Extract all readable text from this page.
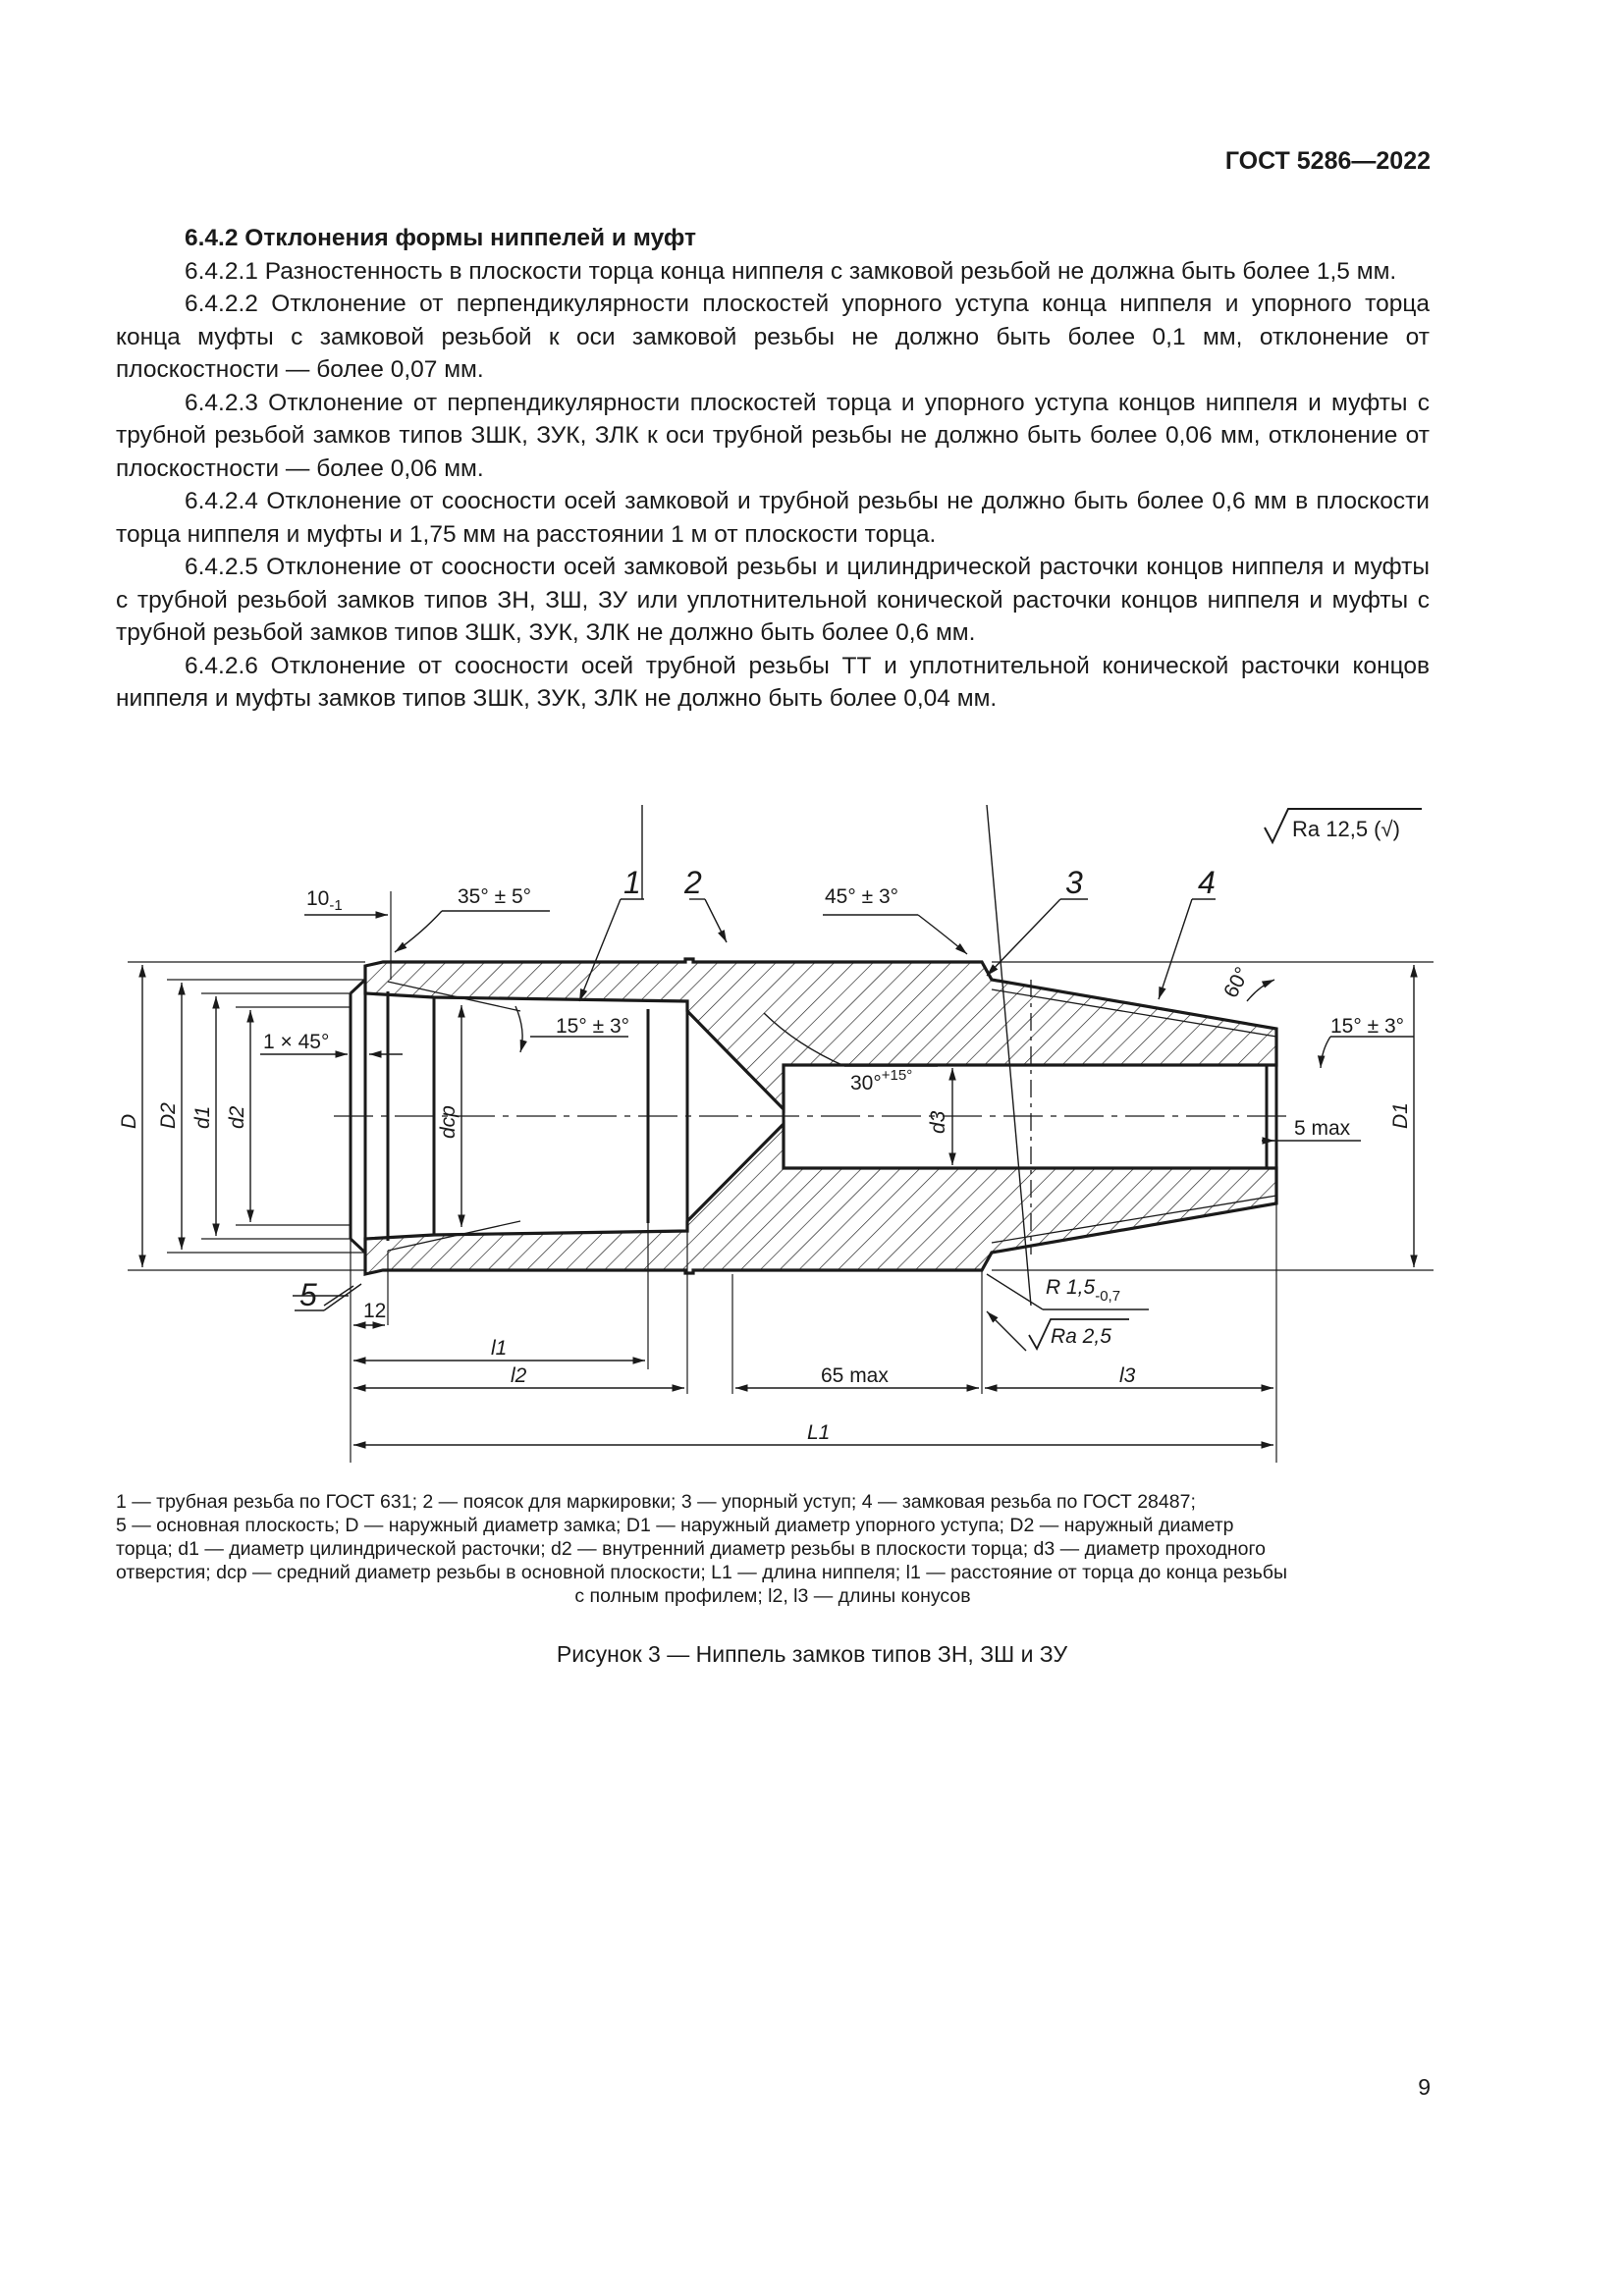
ГОСТ 5286—2022
6.4.2 Отклонения формы ниппелей и муфт

6.4.2.1 Разностенность в плоскости торца конца ниппеля с замковой резьбой не должна быть более 1,5 мм.

6.4.2.2 Отклонение от перпендикулярности плоскостей упорного уступа конца ниппеля и упорного торца конца муфты с замковой резьбой к оси замковой резьбы не должно быть более 0,1 мм, отклонение от плоскостности — более 0,07 мм.

6.4.2.3 Отклонение от перпендикулярности плоскостей торца и упорного уступа концов ниппеля и муфты с трубной резьбой замков типов ЗШК, ЗУК, ЗЛК к оси трубной резьбы не должно быть более 0,06 мм, отклонение от плоскостности — более 0,06 мм.

6.4.2.4 Отклонение от соосности осей замковой и трубной резьбы не должно быть более 0,6 мм в плоскости торца ниппеля и муфты и 1,75 мм на расстоянии 1 м от плоскости торца.

6.4.2.5 Отклонение от соосности осей замковой резьбы и цилиндрической расточки концов ниппеля и муфты с трубной резьбой замков типов ЗН, ЗШ, ЗУ или уплотнительной конической расточки концов ниппеля и муфты с трубной резьбой замков типов ЗШК, ЗУК, ЗЛК не должно быть более 0,6 мм.

6.4.2.6 Отклонение от соосности осей трубной резьбы ТТ и уплотнительной конической расточки концов ниппеля и муфты замков типов ЗШК, ЗУК, ЗЛК не должно быть более 0,04 мм.

Ra 12,5 (√)
1 2	3	4
5
$10_{-1}$	35° ± 5°	45° ± 3°
60°
15° ± 3°	15° ± 3°
30°$^{+15^\circ}$
1 × 45°
5 max
R $1,5_{-0,7}$
Ra 2,5
12
65 max
D D2 d1 d2	dcp	d3	D1
l1
l2	l3
L1
1 — трубная резьба по ГОСТ 631; 2 — поясок для маркировки; 3 — упорный уступ; 4 — замковая резьба по ГОСТ 28487;
5 — основная плоскость; D — наружный диаметр замка; D1 — наружный диаметр упорного уступа; D2 — наружный диаметр
торца; d1 — диаметр цилиндрической расточки; d2 — внутренний диаметр резьбы в плоскости торца; d3 — диаметр проходного
отверстия; dср — средний диаметр резьбы в основной плоскости; L1 — длина ниппеля; l1 — расстояние от торца до конца резьбы
с полным профилем; l2, l3 — длины конусов
Рисунок 3 — Ниппель замков типов ЗН, ЗШ и ЗУ
9
